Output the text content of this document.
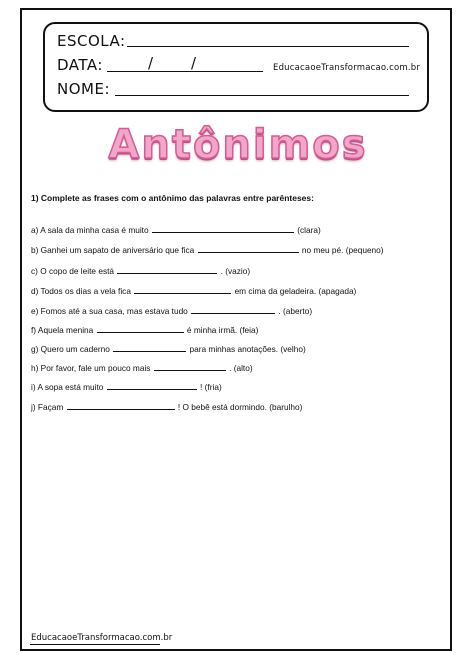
ESCOLA:
DATA:	/	/	EducacaoeTransformacao.com.br
NOME:
Antônimos
1) Complete as frases com o antônimo das palavras entre parênteses:
a) A sala da minha casa é muito	(clara)
b) Ganhei um sapato de aniversário que fica	no meu pé. (pequeno)
c) O copo de leite está	. (vazio)
d) Todos os dias a vela fica	em cima da geladeira. (apagada)
e) Fomos até a sua casa, mas estava tudo	. (aberto)
f) Aquela menina	é minha irmã. (feia)
g) Quero um caderno	para minhas anotações. (velho)
h) Por favor, fale um pouco mais	. (alto)
i) A sopa está muito	! (fria)
j) Façam	! O bebê está dormindo. (barulho)
EducacaoeTransformacao.com.br
